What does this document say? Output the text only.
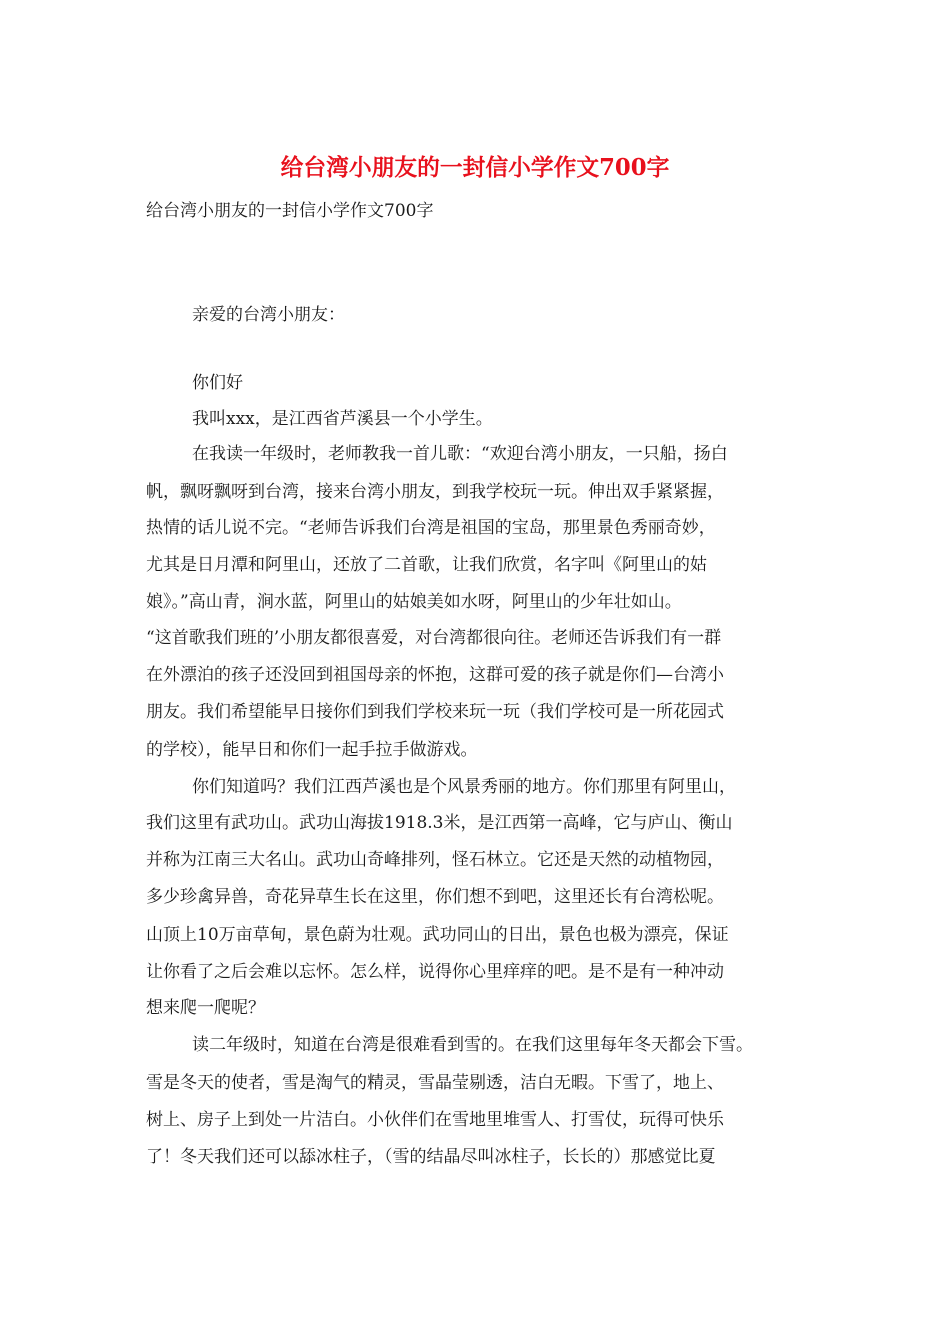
给台湾小朋友的一封信小学作文700字
给台湾小朋友的一封信小学作文700字
亲爱的台湾小朋友：
你们好
我叫xxx，是江西省芦溪县一个小学生。
在我读一年级时，老师教我一首儿歌：“欢迎台湾小朋友，一只船，扬白
帆，飘呀飘呀到台湾，接来台湾小朋友，到我学校玩一玩。伸出双手紧紧握，
热情的话儿说不完。“老师告诉我们台湾是祖国的宝岛，那里景色秀丽奇妙，
尤其是日月潭和阿里山，还放了二首歌，让我们欣赏，名字叫《阿里山的姑
娘》。”高山青，涧水蓝，阿里山的姑娘美如水呀，阿里山的少年壮如山。
“这首歌我们班的’小朋友都很喜爱，对台湾都很向往。老师还告诉我们有一群
在外漂泊的孩子还没回到祖国母亲的怀抱，这群可爱的孩子就是你们—台湾小
朋友。我们希望能早日接你们到我们学校来玩一玩（我们学校可是一所花园式
的学校），能早日和你们一起手拉手做游戏。
你们知道吗？我们江西芦溪也是个风景秀丽的地方。你们那里有阿里山，
我们这里有武功山。武功山海拔1918.3米，是江西第一高峰，它与庐山、衡山
并称为江南三大名山。武功山奇峰排列，怪石林立。它还是天然的动植物园，
多少珍禽异兽，奇花异草生长在这里，你们想不到吧，这里还长有台湾松呢。
山顶上10万亩草甸，景色蔚为壮观。武功同山的日出，景色也极为漂亮，保证
让你看了之后会难以忘怀。怎么样，说得你心里痒痒的吧。是不是有一种冲动
想来爬一爬呢？
读二年级时，知道在台湾是很难看到雪的。在我们这里每年冬天都会下雪。
雪是冬天的使者，雪是淘气的精灵，雪晶莹剔透，洁白无暇。下雪了，地上、
树上、房子上到处一片洁白。小伙伴们在雪地里堆雪人、打雪仗，玩得可快乐
了！冬天我们还可以舔冰柱子，（雪的结晶尽叫冰柱子，长长的）那感觉比夏
